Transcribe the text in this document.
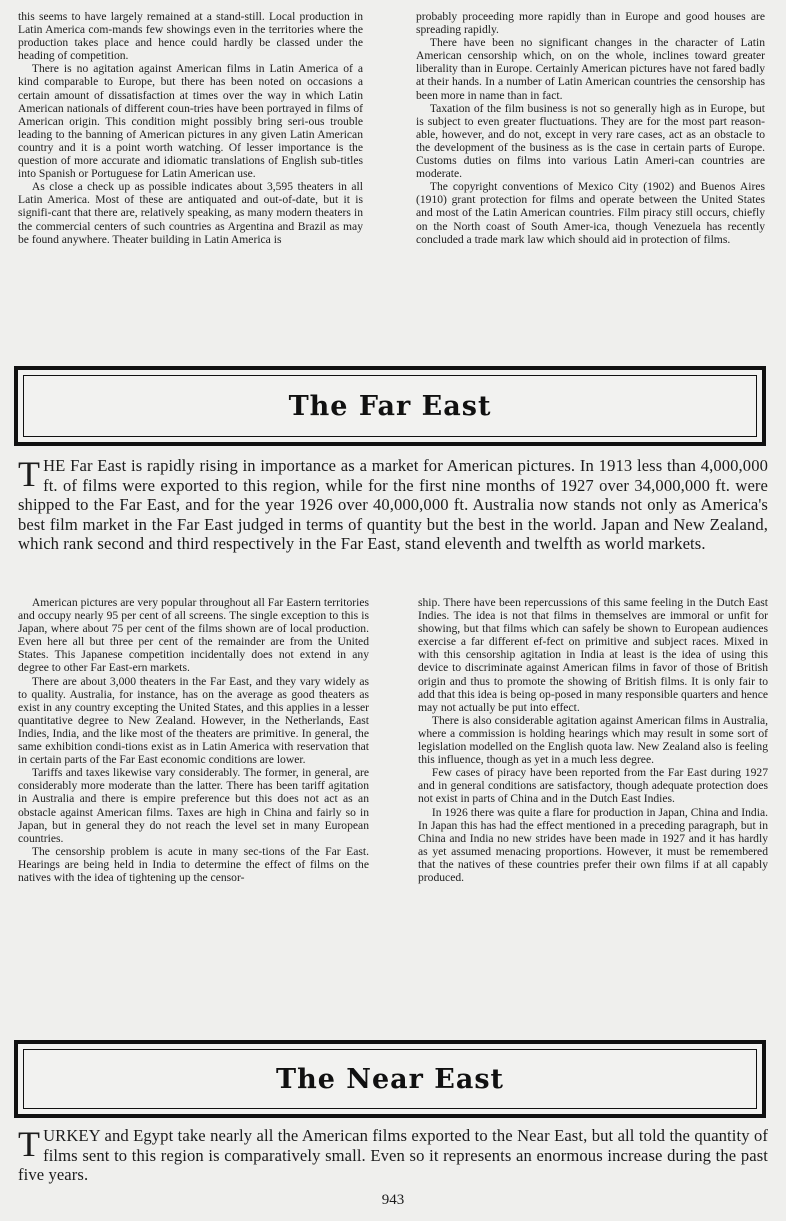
this seems to have largely remained at a stand-still. Local production in Latin America com-mands few showings even in the territories where the production takes place and hence could hardly be classed under the heading of competition.

There is no agitation against American films in Latin America of a kind comparable to Europe, but there has been noted on occasions a certain amount of dissatisfaction at times over the way in which Latin American nationals of different coun-tries have been portrayed in films of American origin. This condition might possibly bring seri-ous trouble leading to the banning of American pictures in any given Latin American country and it is a point worth watching. Of lesser importance is the question of more accurate and idiomatic translations of English sub-titles into Spanish or Portuguese for Latin American use.

As close a check up as possible indicates about 3,595 theaters in all Latin America. Most of these are antiquated and out-of-date, but it is signifi-cant that there are, relatively speaking, as many modern theaters in the commercial centers of such countries as Argentina and Brazil as may be found anywhere. Theater building in Latin America is

probably proceeding more rapidly than in Europe and good houses are spreading rapidly.

There have been no significant changes in the character of Latin American censorship which, on on the whole, inclines toward greater liberality than in Europe. Certainly American pictures have not fared badly at their hands. In a number of Latin American countries the censorship has been more in name than in fact.

Taxation of the film business is not so generally high as in Europe, but is subject to even greater fluctuations. They are for the most part reason-able, however, and do not, except in very rare cases, act as an obstacle to the development of the business as is the case in certain parts of Europe. Customs duties on films into various Latin Ameri-can countries are moderate.

The copyright conventions of Mexico City (1902) and Buenos Aires (1910) grant protection for films and operate between the United States and most of the Latin American countries. Film piracy still occurs, chiefly on the North coast of South Amer-ica, though Venezuela has recently concluded a trade mark law which should aid in protection of films.

The Far East
THE Far East is rapidly rising in importance as a market for American pictures. In 1913 less than 4,000,000 ft. of films were exported to this region, while for the first nine months of 1927 over 34,000,000 ft. were shipped to the Far East, and for the year 1926 over 40,000,000 ft. Australia now stands not only as America's best film market in the Far East judged in terms of quantity but the best in the world. Japan and New Zealand, which rank second and third respectively in the Far East, stand eleventh and twelfth as world markets.

American pictures are very popular throughout all Far Eastern territories and occupy nearly 95 per cent of all screens. The single exception to this is Japan, where about 75 per cent of the films shown are of local production. Even here all but three per cent of the remainder are from the United States. This Japanese competition incidentally does not extend in any degree to other Far East-ern markets.

There are about 3,000 theaters in the Far East, and they vary widely as to quality. Australia, for instance, has on the average as good theaters as exist in any country excepting the United States, and this applies in a lesser quantitative degree to New Zealand. However, in the Netherlands, East Indies, India, and the like most of the theaters are primitive. In general, the same exhibition condi-tions exist as in Latin America with reservation that in certain parts of the Far East economic conditions are lower.

Tariffs and taxes likewise vary considerably. The former, in general, are considerably more moderate than the latter. There has been tariff agitation in Australia and there is empire preference but this does not act as an obstacle against American films. Taxes are high in China and fairly so in Japan, but in general they do not reach the level set in many European countries.

The censorship problem is acute in many sec-tions of the Far East. Hearings are being held in India to determine the effect of films on the natives with the idea of tightening up the censor-

ship. There have been repercussions of this same feeling in the Dutch East Indies. The idea is not that films in themselves are immoral or unfit for showing, but that films which can safely be shown to European audiences exercise a far different ef-fect on primitive and subject races. Mixed in with this censorship agitation in India at least is the idea of using this device to discriminate against American films in favor of those of British origin and thus to promote the showing of British films. It is only fair to add that this idea is being op-posed in many responsible quarters and hence may not actually be put into effect.

There is also considerable agitation against American films in Australia, where a commission is holding hearings which may result in some sort of legislation modelled on the English quota law. New Zealand also is feeling this influence, though as yet in a much less degree.

Few cases of piracy have been reported from the Far East during 1927 and in general conditions are satisfactory, though adequate protection does not exist in parts of China and in the Dutch East Indies.

In 1926 there was quite a flare for production in Japan, China and India. In Japan this has had the effect mentioned in a preceding paragraph, but in China and India no new strides have been made in 1927 and it has hardly as yet assumed menacing proportions. However, it must be remembered that the natives of these countries prefer their own films if at all capably produced.

The Near East
TURKEY and Egypt take nearly all the American films exported to the Near East, but all told the quantity of films sent to this region is comparatively small. Even so it represents an enormous increase during the past five years.
943
